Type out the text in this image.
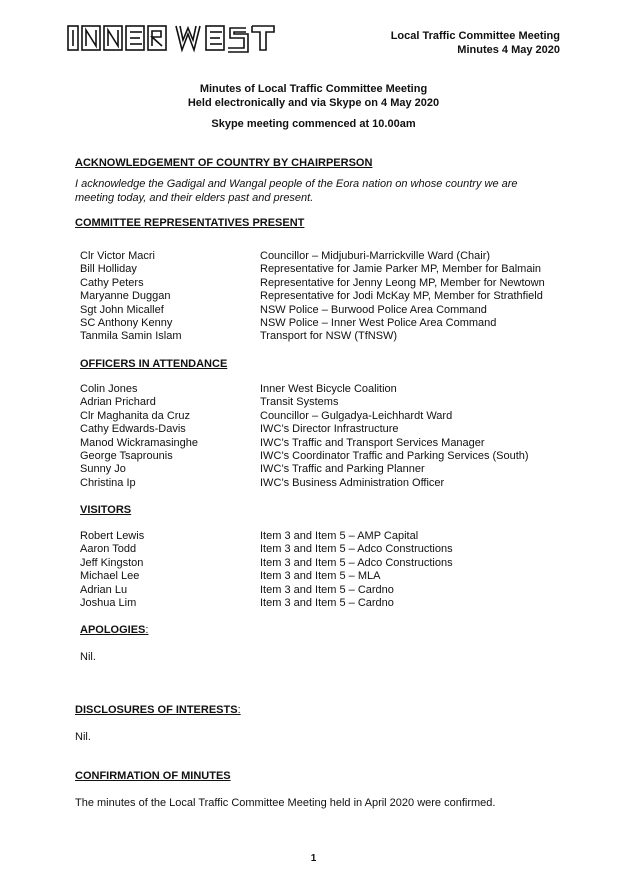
Local Traffic Committee Meeting
Minutes 4 May 2020
Minutes of Local Traffic Committee Meeting
Held electronically and via Skype on 4 May 2020
Skype meeting commenced at 10.00am
ACKNOWLEDGEMENT OF COUNTRY BY CHAIRPERSON
I acknowledge the Gadigal and Wangal people of the Eora nation on whose country we are meeting today, and their elders past and present.
COMMITTEE REPRESENTATIVES PRESENT
Clr Victor Macri	Councillor – Midjuburi-Marrickville Ward (Chair)
Bill Holliday	Representative for Jamie Parker MP, Member for Balmain
Cathy Peters	Representative for Jenny Leong MP, Member for Newtown
Maryanne Duggan	Representative for Jodi McKay MP, Member for Strathfield
Sgt John Micallef	NSW Police – Burwood Police Area Command
SC Anthony Kenny	NSW Police – Inner West Police Area Command
Tanmila Samin Islam	Transport for NSW (TfNSW)
OFFICERS IN ATTENDANCE
Colin Jones	Inner West Bicycle Coalition
Adrian Prichard	Transit Systems
Clr Maghanita da Cruz	Councillor – Gulgadya-Leichhardt Ward
Cathy Edwards-Davis	IWC’s Director Infrastructure
Manod Wickramasinghe	IWC’s Traffic and Transport Services Manager
George Tsaprounis	IWC’s Coordinator Traffic and Parking Services (South)
Sunny Jo	IWC’s Traffic and Parking Planner
Christina Ip	IWC’s Business Administration Officer
VISITORS
Robert Lewis	Item 3 and Item 5 – AMP Capital
Aaron Todd	Item 3 and Item 5 – Adco Constructions
Jeff Kingston	Item 3 and Item 5 – Adco Constructions
Michael Lee	Item 3 and Item 5 – MLA
Adrian Lu	Item 3 and Item 5 – Cardno
Joshua Lim	Item 3 and Item 5 – Cardno
APOLOGIES:
Nil.
DISCLOSURES OF INTERESTS:
Nil.
CONFIRMATION OF MINUTES
The minutes of the Local Traffic Committee Meeting held in April 2020 were confirmed.
1
